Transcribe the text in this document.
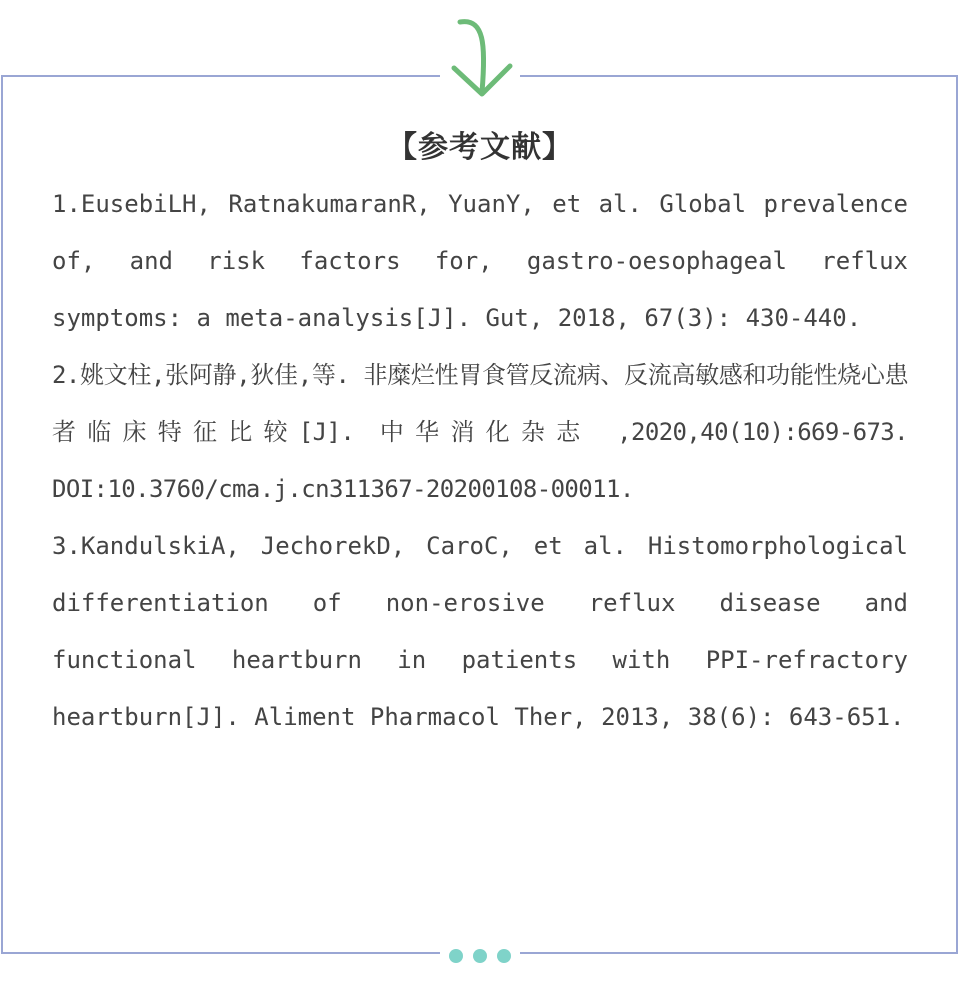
【参考文献】

1.EusebiLH, RatnakumaranR, YuanY, et al. Global prevalence of, and risk factors for, gastro-oesophageal reflux symptoms: a meta-analysis[J]. Gut, 2018, 67(3): 430-440.

2.姚文柱,张阿静,狄佳,等. 非糜烂性胃食管反流病、反流高敏感和功能性烧心患者临床特征比较[J]. 中华消化杂志 ,2020,40(10):669-673. DOI:10.3760/cma.j.cn311367-20200108-00011.

3.KandulskiA, JechorekD, CaroC, et al. Histomorphological differentiation of non-erosive reflux disease and functional heartburn in patients with PPI-refractory heartburn[J]. Aliment Pharmacol Ther, 2013, 38(6): 643-651.
